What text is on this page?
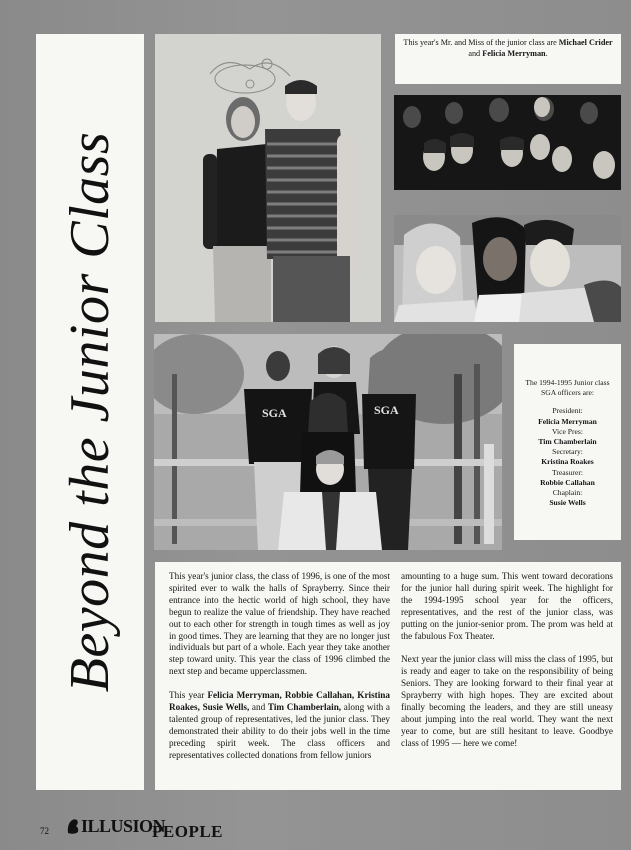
Beyond the Junior Class
This year's Mr. and Miss of the junior class are Michael Crider and Felicia Merryman.
SGA	SGA
The 1994-1995 Junior class SGA officers are:
President:
Felicia Merryman
Vice Pres:
Tim Chamberlain
Secretary:
Kristina Roakes
Treasurer:
Robbie Callahan
Chaplain:
Susie Wells

This year's junior class, the class of 1996, is one of the most spirited ever to walk the halls of Sprayberry. Since their entrance into the hectic world of high school, they have begun to realize the value of friendship. They have reached out to each other for strength in tough times as well as joy in good times. They are learning that they are no longer just individuals but part of a whole. Each year they take another step toward unity. This year the class of 1996 climbed the next step and became upperclassmen.

This year Felicia Merryman, Robbie Callahan, Kristina Roakes, Susie Wells, and Tim Chamberlain, along with a talented group of representatives, led the junior class. They demonstrated their ability to do their jobs well in the time preceding spirit week. The class officers and representatives collected donations from fellow juniors

amounting to a huge sum. This went toward decorations for the junior hall during spirit week. The highlight for the 1994-1995 school year for the officers, representatives, and the rest of the junior class, was putting on the junior-senior prom. The prom was held at the fabulous Fox Theater.

Next year the junior class will miss the class of 1995, but is ready and eager to take on the responsibility of being Seniors. They are looking forward to their final year at Sprayberry with high hopes. They are excited about finally becoming the leaders, and they are still uneasy about jumping into the real world. They want the next year to come, but are still hesitant to leave. Goodbye class of 1995 — here we come!

72	ILLUSION
PEOPLE
